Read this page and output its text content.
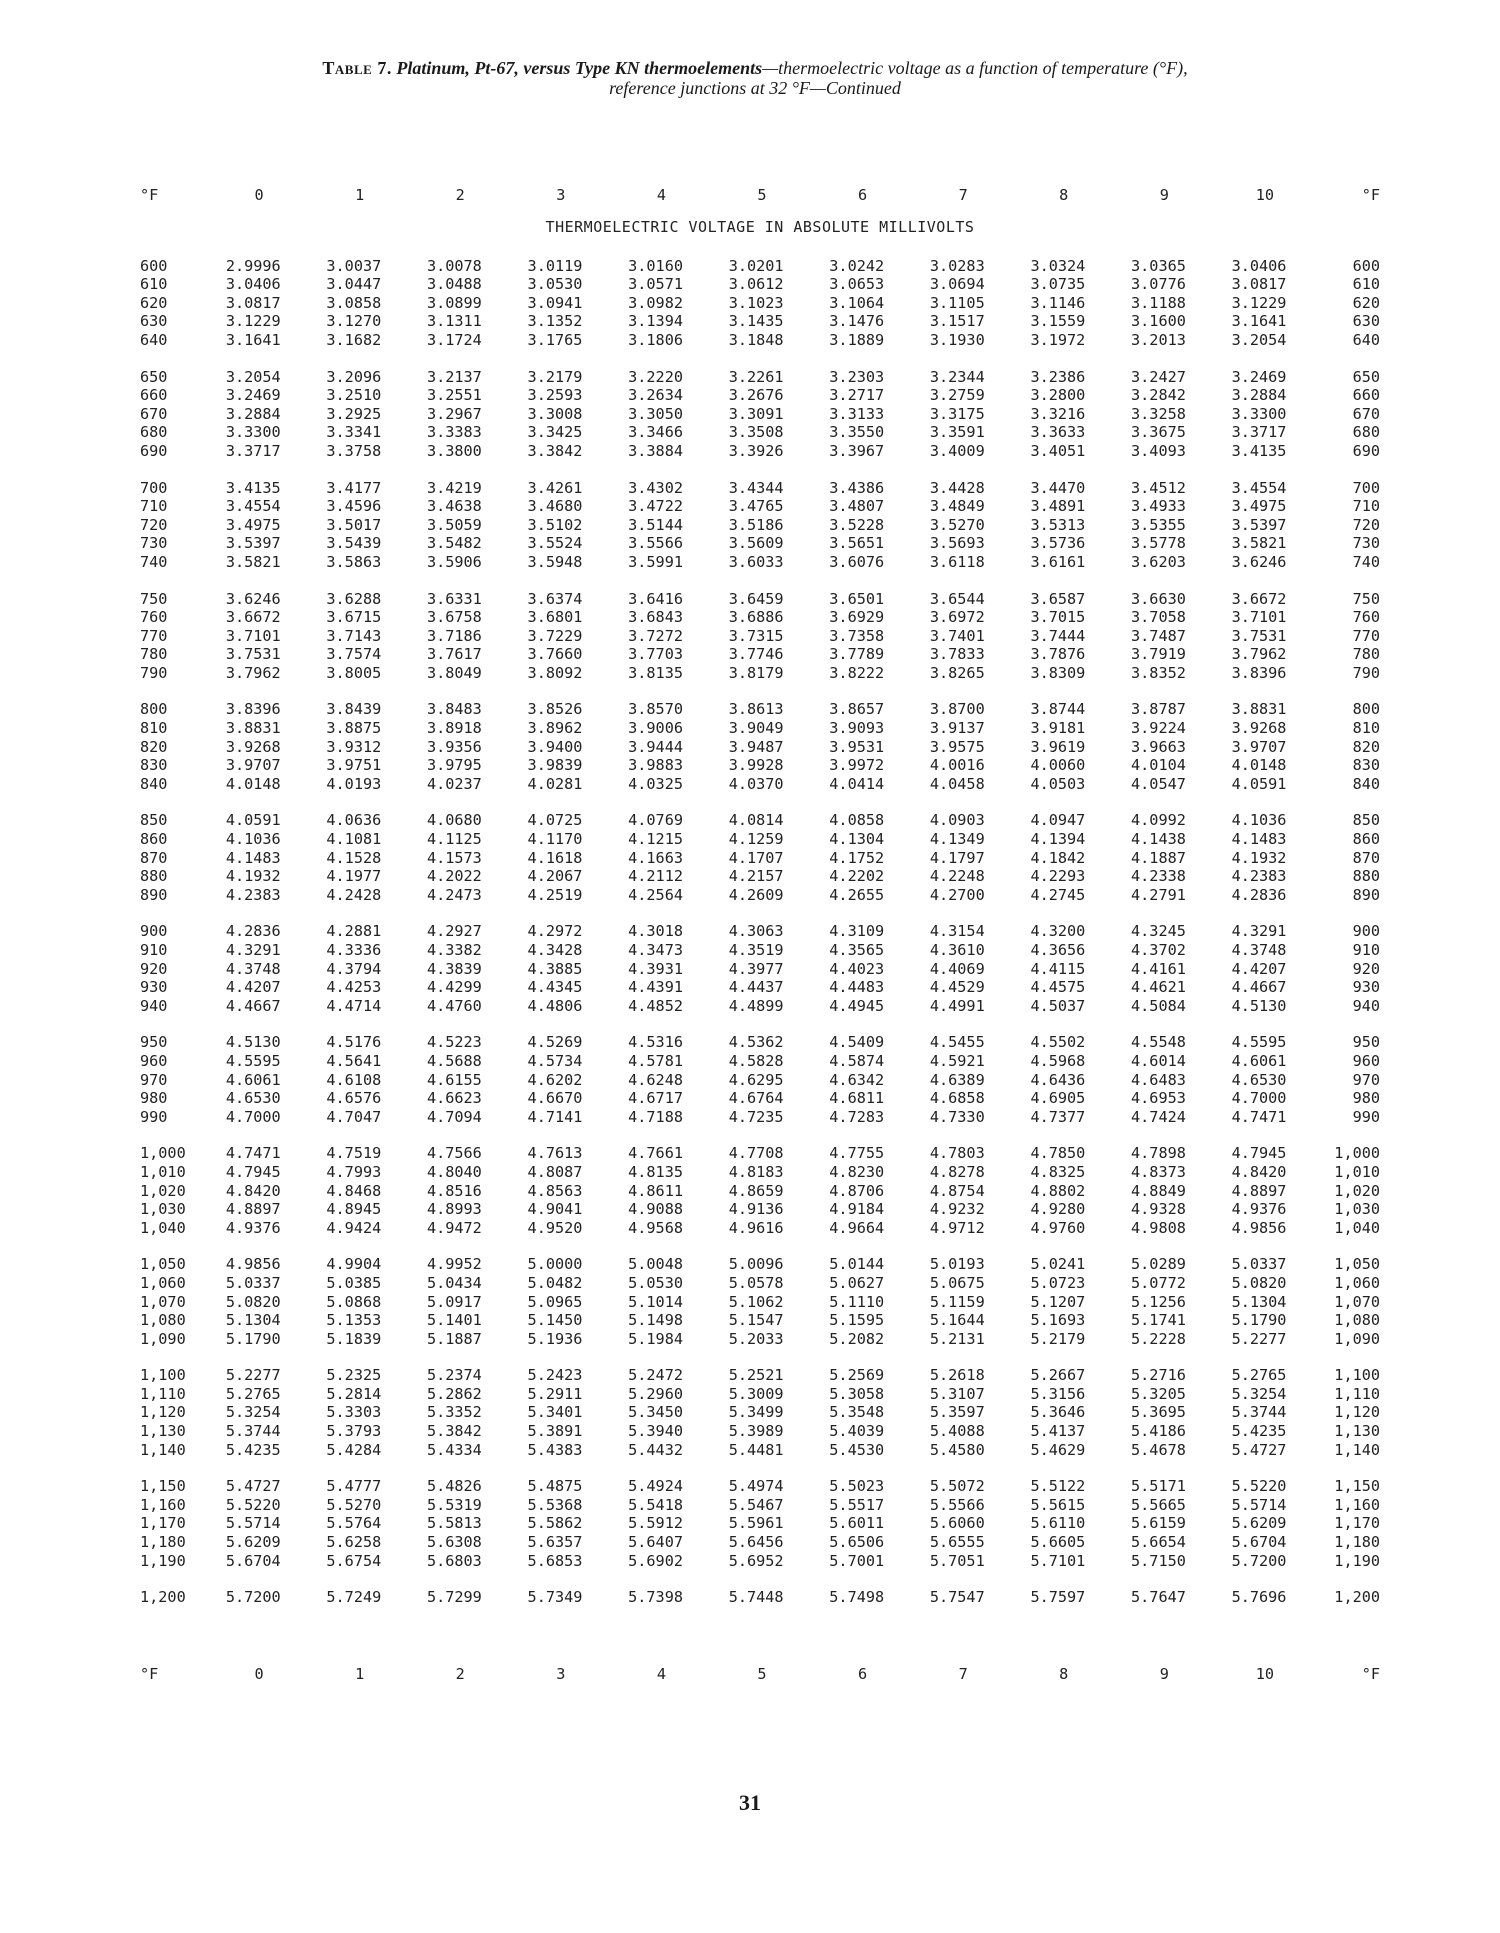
Table 7. Platinum, Pt-67, versus Type KN thermoelements—thermoelectric voltage as a function of temperature (°F),
reference junctions at 32 °F—Continued
°F	0	1	2	3	4	5	6	7	8	9	10	°F
THERMOELECTRIC VOLTAGE IN ABSOLUTE MILLIVOLTS
600	2.9996	3.0037	3.0078	3.0119	3.0160	3.0201	3.0242	3.0283	3.0324	3.0365	3.0406	600
610	3.0406	3.0447	3.0488	3.0530	3.0571	3.0612	3.0653	3.0694	3.0735	3.0776	3.0817	610
620	3.0817	3.0858	3.0899	3.0941	3.0982	3.1023	3.1064	3.1105	3.1146	3.1188	3.1229	620
630	3.1229	3.1270	3.1311	3.1352	3.1394	3.1435	3.1476	3.1517	3.1559	3.1600	3.1641	630
640	3.1641	3.1682	3.1724	3.1765	3.1806	3.1848	3.1889	3.1930	3.1972	3.2013	3.2054	640
650	3.2054	3.2096	3.2137	3.2179	3.2220	3.2261	3.2303	3.2344	3.2386	3.2427	3.2469	650
660	3.2469	3.2510	3.2551	3.2593	3.2634	3.2676	3.2717	3.2759	3.2800	3.2842	3.2884	660
670	3.2884	3.2925	3.2967	3.3008	3.3050	3.3091	3.3133	3.3175	3.3216	3.3258	3.3300	670
680	3.3300	3.3341	3.3383	3.3425	3.3466	3.3508	3.3550	3.3591	3.3633	3.3675	3.3717	680
690	3.3717	3.3758	3.3800	3.3842	3.3884	3.3926	3.3967	3.4009	3.4051	3.4093	3.4135	690
700	3.4135	3.4177	3.4219	3.4261	3.4302	3.4344	3.4386	3.4428	3.4470	3.4512	3.4554	700
710	3.4554	3.4596	3.4638	3.4680	3.4722	3.4765	3.4807	3.4849	3.4891	3.4933	3.4975	710
720	3.4975	3.5017	3.5059	3.5102	3.5144	3.5186	3.5228	3.5270	3.5313	3.5355	3.5397	720
730	3.5397	3.5439	3.5482	3.5524	3.5566	3.5609	3.5651	3.5693	3.5736	3.5778	3.5821	730
740	3.5821	3.5863	3.5906	3.5948	3.5991	3.6033	3.6076	3.6118	3.6161	3.6203	3.6246	740
750	3.6246	3.6288	3.6331	3.6374	3.6416	3.6459	3.6501	3.6544	3.6587	3.6630	3.6672	750
760	3.6672	3.6715	3.6758	3.6801	3.6843	3.6886	3.6929	3.6972	3.7015	3.7058	3.7101	760
770	3.7101	3.7143	3.7186	3.7229	3.7272	3.7315	3.7358	3.7401	3.7444	3.7487	3.7531	770
780	3.7531	3.7574	3.7617	3.7660	3.7703	3.7746	3.7789	3.7833	3.7876	3.7919	3.7962	780
790	3.7962	3.8005	3.8049	3.8092	3.8135	3.8179	3.8222	3.8265	3.8309	3.8352	3.8396	790
800	3.8396	3.8439	3.8483	3.8526	3.8570	3.8613	3.8657	3.8700	3.8744	3.8787	3.8831	800
810	3.8831	3.8875	3.8918	3.8962	3.9006	3.9049	3.9093	3.9137	3.9181	3.9224	3.9268	810
820	3.9268	3.9312	3.9356	3.9400	3.9444	3.9487	3.9531	3.9575	3.9619	3.9663	3.9707	820
830	3.9707	3.9751	3.9795	3.9839	3.9883	3.9928	3.9972	4.0016	4.0060	4.0104	4.0148	830
840	4.0148	4.0193	4.0237	4.0281	4.0325	4.0370	4.0414	4.0458	4.0503	4.0547	4.0591	840
850	4.0591	4.0636	4.0680	4.0725	4.0769	4.0814	4.0858	4.0903	4.0947	4.0992	4.1036	850
860	4.1036	4.1081	4.1125	4.1170	4.1215	4.1259	4.1304	4.1349	4.1394	4.1438	4.1483	860
870	4.1483	4.1528	4.1573	4.1618	4.1663	4.1707	4.1752	4.1797	4.1842	4.1887	4.1932	870
880	4.1932	4.1977	4.2022	4.2067	4.2112	4.2157	4.2202	4.2248	4.2293	4.2338	4.2383	880
890	4.2383	4.2428	4.2473	4.2519	4.2564	4.2609	4.2655	4.2700	4.2745	4.2791	4.2836	890
900	4.2836	4.2881	4.2927	4.2972	4.3018	4.3063	4.3109	4.3154	4.3200	4.3245	4.3291	900
910	4.3291	4.3336	4.3382	4.3428	4.3473	4.3519	4.3565	4.3610	4.3656	4.3702	4.3748	910
920	4.3748	4.3794	4.3839	4.3885	4.3931	4.3977	4.4023	4.4069	4.4115	4.4161	4.4207	920
930	4.4207	4.4253	4.4299	4.4345	4.4391	4.4437	4.4483	4.4529	4.4575	4.4621	4.4667	930
940	4.4667	4.4714	4.4760	4.4806	4.4852	4.4899	4.4945	4.4991	4.5037	4.5084	4.5130	940
950	4.5130	4.5176	4.5223	4.5269	4.5316	4.5362	4.5409	4.5455	4.5502	4.5548	4.5595	950
960	4.5595	4.5641	4.5688	4.5734	4.5781	4.5828	4.5874	4.5921	4.5968	4.6014	4.6061	960
970	4.6061	4.6108	4.6155	4.6202	4.6248	4.6295	4.6342	4.6389	4.6436	4.6483	4.6530	970
980	4.6530	4.6576	4.6623	4.6670	4.6717	4.6764	4.6811	4.6858	4.6905	4.6953	4.7000	980
990	4.7000	4.7047	4.7094	4.7141	4.7188	4.7235	4.7283	4.7330	4.7377	4.7424	4.7471	990
1,000	4.7471	4.7519	4.7566	4.7613	4.7661	4.7708	4.7755	4.7803	4.7850	4.7898	4.7945	1,000
1,010	4.7945	4.7993	4.8040	4.8087	4.8135	4.8183	4.8230	4.8278	4.8325	4.8373	4.8420	1,010
1,020	4.8420	4.8468	4.8516	4.8563	4.8611	4.8659	4.8706	4.8754	4.8802	4.8849	4.8897	1,020
1,030	4.8897	4.8945	4.8993	4.9041	4.9088	4.9136	4.9184	4.9232	4.9280	4.9328	4.9376	1,030
1,040	4.9376	4.9424	4.9472	4.9520	4.9568	4.9616	4.9664	4.9712	4.9760	4.9808	4.9856	1,040
1,050	4.9856	4.9904	4.9952	5.0000	5.0048	5.0096	5.0144	5.0193	5.0241	5.0289	5.0337	1,050
1,060	5.0337	5.0385	5.0434	5.0482	5.0530	5.0578	5.0627	5.0675	5.0723	5.0772	5.0820	1,060
1,070	5.0820	5.0868	5.0917	5.0965	5.1014	5.1062	5.1110	5.1159	5.1207	5.1256	5.1304	1,070
1,080	5.1304	5.1353	5.1401	5.1450	5.1498	5.1547	5.1595	5.1644	5.1693	5.1741	5.1790	1,080
1,090	5.1790	5.1839	5.1887	5.1936	5.1984	5.2033	5.2082	5.2131	5.2179	5.2228	5.2277	1,090
1,100	5.2277	5.2325	5.2374	5.2423	5.2472	5.2521	5.2569	5.2618	5.2667	5.2716	5.2765	1,100
1,110	5.2765	5.2814	5.2862	5.2911	5.2960	5.3009	5.3058	5.3107	5.3156	5.3205	5.3254	1,110
1,120	5.3254	5.3303	5.3352	5.3401	5.3450	5.3499	5.3548	5.3597	5.3646	5.3695	5.3744	1,120
1,130	5.3744	5.3793	5.3842	5.3891	5.3940	5.3989	5.4039	5.4088	5.4137	5.4186	5.4235	1,130
1,140	5.4235	5.4284	5.4334	5.4383	5.4432	5.4481	5.4530	5.4580	5.4629	5.4678	5.4727	1,140
1,150	5.4727	5.4777	5.4826	5.4875	5.4924	5.4974	5.5023	5.5072	5.5122	5.5171	5.5220	1,150
1,160	5.5220	5.5270	5.5319	5.5368	5.5418	5.5467	5.5517	5.5566	5.5615	5.5665	5.5714	1,160
1,170	5.5714	5.5764	5.5813	5.5862	5.5912	5.5961	5.6011	5.6060	5.6110	5.6159	5.6209	1,170
1,180	5.6209	5.6258	5.6308	5.6357	5.6407	5.6456	5.6506	5.6555	5.6605	5.6654	5.6704	1,180
1,190	5.6704	5.6754	5.6803	5.6853	5.6902	5.6952	5.7001	5.7051	5.7101	5.7150	5.7200	1,190
1,200	5.7200	5.7249	5.7299	5.7349	5.7398	5.7448	5.7498	5.7547	5.7597	5.7647	5.7696	1,200
°F	0	1	2	3	4	5	6	7	8	9	10	°F
31
